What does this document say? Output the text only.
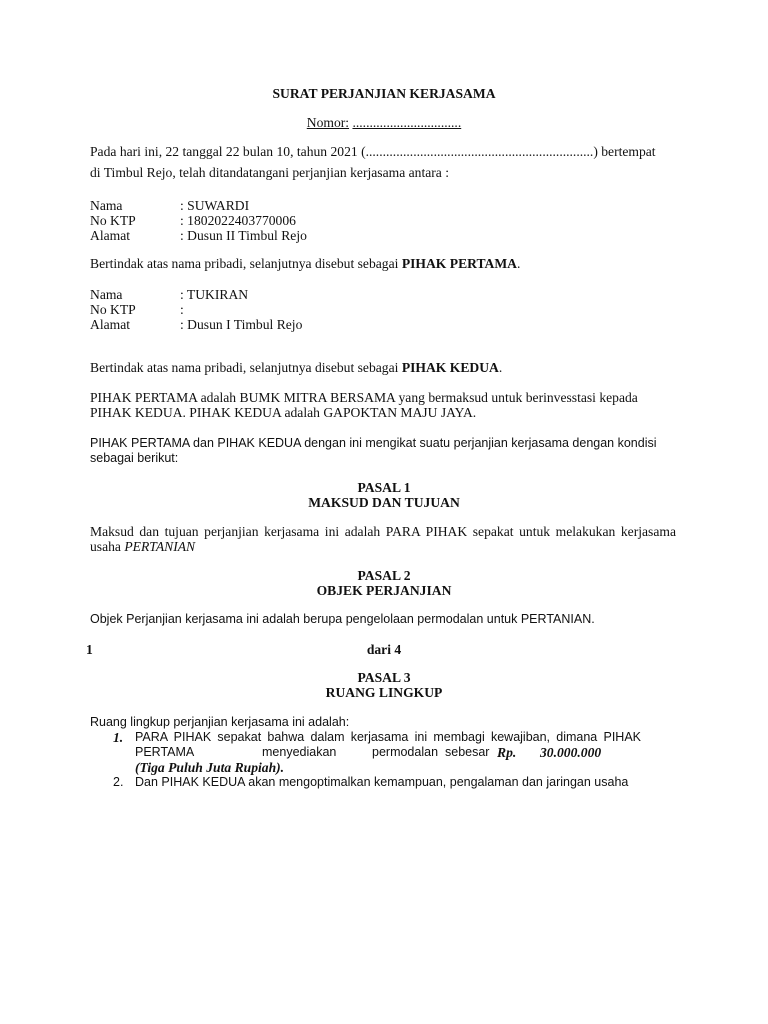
SURAT PERJANJIAN KERJASAMA
Nomor: ................................
Pada hari ini, 22 tanggal 22 bulan 10, tahun 2021 (...................................................................) bertempat
di Timbul Rejo, telah ditandatangani perjanjian kerjasama antara :
Nama	: SUWARDI
No KTP	: 1802022403770006
Alamat	: Dusun II Timbul Rejo
Bertindak atas nama pribadi, selanjutnya disebut sebagai PIHAK PERTAMA.
Nama	: TUKIRAN
No KTP	:
Alamat	: Dusun I Timbul Rejo
Bertindak atas nama pribadi, selanjutnya disebut sebagai PIHAK KEDUA.
PIHAK PERTAMA adalah BUMK MITRA BERSAMA yang bermaksud untuk berinvesstasi kepada
PIHAK KEDUA. PIHAK KEDUA adalah GAPOKTAN MAJU JAYA.
PIHAK PERTAMA dan PIHAK KEDUA dengan ini mengikat suatu perjanjian kerjasama dengan kondisi
sebagai berikut:
PASAL 1
MAKSUD DAN TUJUAN
Maksud dan tujuan perjanjian kerjasama ini adalah PARA PIHAK sepakat untuk melakukan kerjasama
usaha PERTANIAN
PASAL 2
OBJEK PERJANJIAN
Objek Perjanjian kerjasama ini adalah berupa pengelolaan permodalan untuk PERTANIAN.
1	dari 4
PASAL 3
RUANG LINGKUP
Ruang lingkup perjanjian kerjasama ini adalah:
1. PARA PIHAK sepakat bahwa dalam kerjasama ini membagi kewajiban, dimana PIHAK
PERTAMA	menyediakan	permodalan sebesar Rp. 30.000.000
(Tiga Puluh Juta Rupiah).
2. Dan PIHAK KEDUA akan mengoptimalkan kemampuan, pengalaman dan jaringan usaha
